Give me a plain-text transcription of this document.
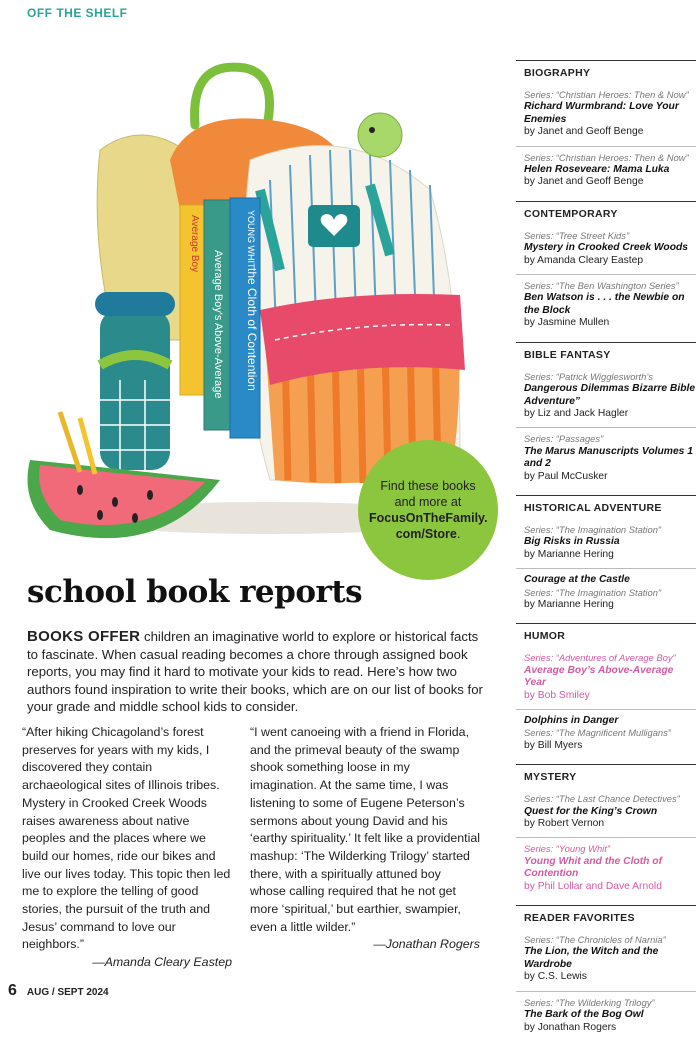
OFF THE SHELF
Average Boy
Average Boy's Above-Average
YOUNG WHIT
the Cloth of Contention
Find these books
and more at
FocusOnTheFamily.
com/Store.
school book reports
BOOKS OFFER children an imaginative world to explore or historical facts to fascinate. When casual reading becomes a chore through assigned book reports, you may find it hard to motivate your kids to read. Here’s how two authors found inspiration to write their books, which are on our list of books for your grade and middle school kids to consider.
“After hiking Chicagoland’s forest preserves for years with my kids, I discovered they contain archaeological sites of Illinois tribes. Mystery in Crooked Creek Woods raises awareness about native peoples and the places where we build our homes, ride our bikes and live our lives today. This topic then led me to explore the telling of good stories, the pursuit of the truth and Jesus’ command to love our neighbors.”
—Amanda Cleary Eastep
“I went canoeing with a friend in Florida, and the primeval beauty of the swamp shook something loose in my imagination. At the same time, I was listening to some of Eugene Peterson’s sermons about young David and his ‘earthy spirituality.’ It felt like a providential mashup: ‘The Wilderking Trilogy’ started there, with a spiritually attuned boy whose calling required that he not get more ‘spiritual,’ but earthier, swampier, even a little wilder.”
—Jonathan Rogers
BIOGRAPHY
Series: “Christian Heroes: Then & Now”
Richard Wurmbrand: Love Your Enemies
by Janet and Geoff Benge
Series: “Christian Heroes: Then & Now”
Helen Roseveare: Mama Luka
by Janet and Geoff Benge
CONTEMPORARY
Series: “Tree Street Kids”
Mystery in Crooked Creek Woods
by Amanda Cleary Eastep
Series: “The Ben Washington Series”
Ben Watson is . . . the Newbie on the Block
by Jasmine Mullen
BIBLE FANTASY
Series: “Patrick Wigglesworth’s
Dangerous Dilemmas Bizarre Bible Adventure”
by Liz and Jack Hagler
Series: “Passages”
The Marus Manuscripts Volumes 1 and 2
by Paul McCusker
HISTORICAL ADVENTURE
Series: “The Imagination Station”
Big Risks in Russia
by Marianne Hering
Courage at the Castle
Series: “The Imagination Station”
by Marianne Hering
HUMOR
Series: “Adventures of Average Boy”
Average Boy’s Above-Average Year
by Bob Smiley
Dolphins in Danger
Series: “The Magnificent Mulligans”
by Bill Myers
MYSTERY
Series: “The Last Chance Detectives”
Quest for the King’s Crown
by Robert Vernon
Series: “Young Whit”
Young Whit and the Cloth of Contention
by Phil Lollar and Dave Arnold
READER FAVORITES
Series: “The Chronicles of Narnia”
The Lion, the Witch and the Wardrobe
by C.S. Lewis
Series: “The Wilderking Trilogy”
The Bark of the Bog Owl
by Jonathan Rogers
6 AUG / SEPT 2024
